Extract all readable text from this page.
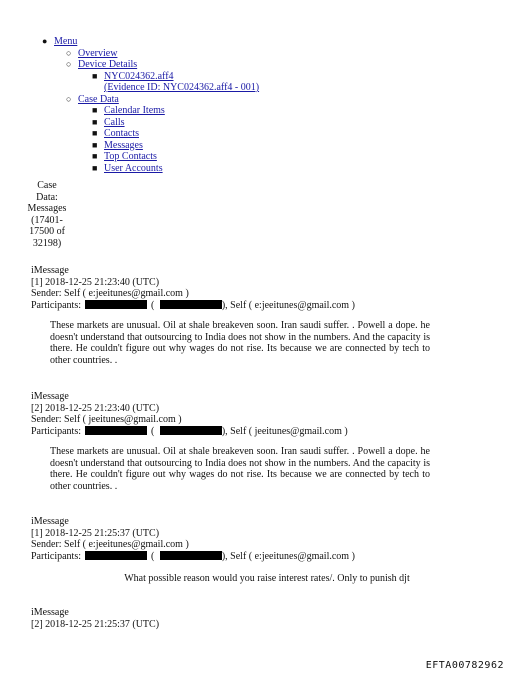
● Menu
○ Overview
○ Device Details
■ NYC024362.aff4
(Evidence ID: NYC024362.aff4 - 001)
○ Case Data
■ Calendar Items
■ Calls
■ Contacts
■ Messages
■ Top Contacts
■ User Accounts
Case
Data:
Messages
(17401-
17500 of
32198)
iMessage
[1] 2018-12-25 21:23:40 (UTC)
Sender: Self ( e:jeeitunes@gmail.com )
Participants:	(	), Self ( e:jeeitunes@gmail.com )
These markets are unusual. Oil at shale breakeven soon. Iran saudi suffer. . Powell a dope. he doesn't understand that outsourcing to India does not show in the numbers. And the capacity is there. He couldn't figure out why wages do not rise. Its because we are connected by tech to other countries. .
iMessage
[2] 2018-12-25 21:23:40 (UTC)
Sender: Self ( jeeitunes@gmail.com )
Participants:	(	), Self ( jeeitunes@gmail.com )
These markets are unusual. Oil at shale breakeven soon. Iran saudi suffer. . Powell a dope. he doesn't understand that outsourcing to India does not show in the numbers. And the capacity is there. He couldn't figure out why wages do not rise. Its because we are connected by tech to other countries. .
iMessage
[1] 2018-12-25 21:25:37 (UTC)
Sender: Self ( e:jeeitunes@gmail.com )
Participants:	(	), Self ( e:jeeitunes@gmail.com )
What possible reason would you raise interest rates/. Only to punish djt
iMessage
[2] 2018-12-25 21:25:37 (UTC)
EFTA00782962
